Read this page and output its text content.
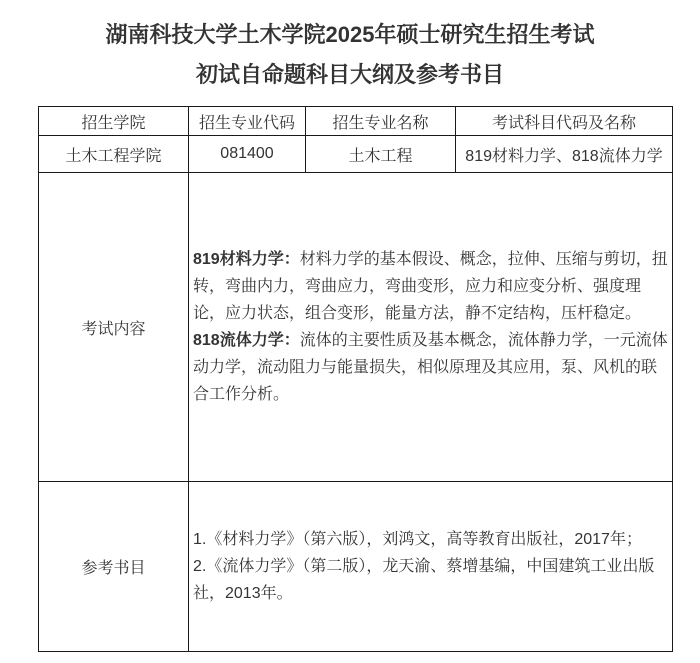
湖南科技大学土木学院2025年硕士研究生招生考试
初试自命题科目大纲及参考书目
招生学院	招生专业代码	招生专业名称	考试科目代码及名称
土木工程学院	081400	土木工程	819材料力学、818流体力学
考试内容	819材料力学：材料力学的基本假设、概念，拉伸、压缩与剪切，扭转，弯曲内力，弯曲应力，弯曲变形，应力和应变分析、强度理论，应力状态，组合变形，能量方法，静不定结构，压杆稳定。

818流体力学：流体的主要性质及基本概念，流体静力学，一元流体动力学，流动阻力与能量损失，相似原理及其应用，泵、风机的联合工作分析。		

参考书目	1.《材料力学》（第六版），刘鸿文，高等教育出版社，2017年；

2.《流体力学》（第二版），龙天渝、蔡增基编，中国建筑工业出版社，2013年。		
